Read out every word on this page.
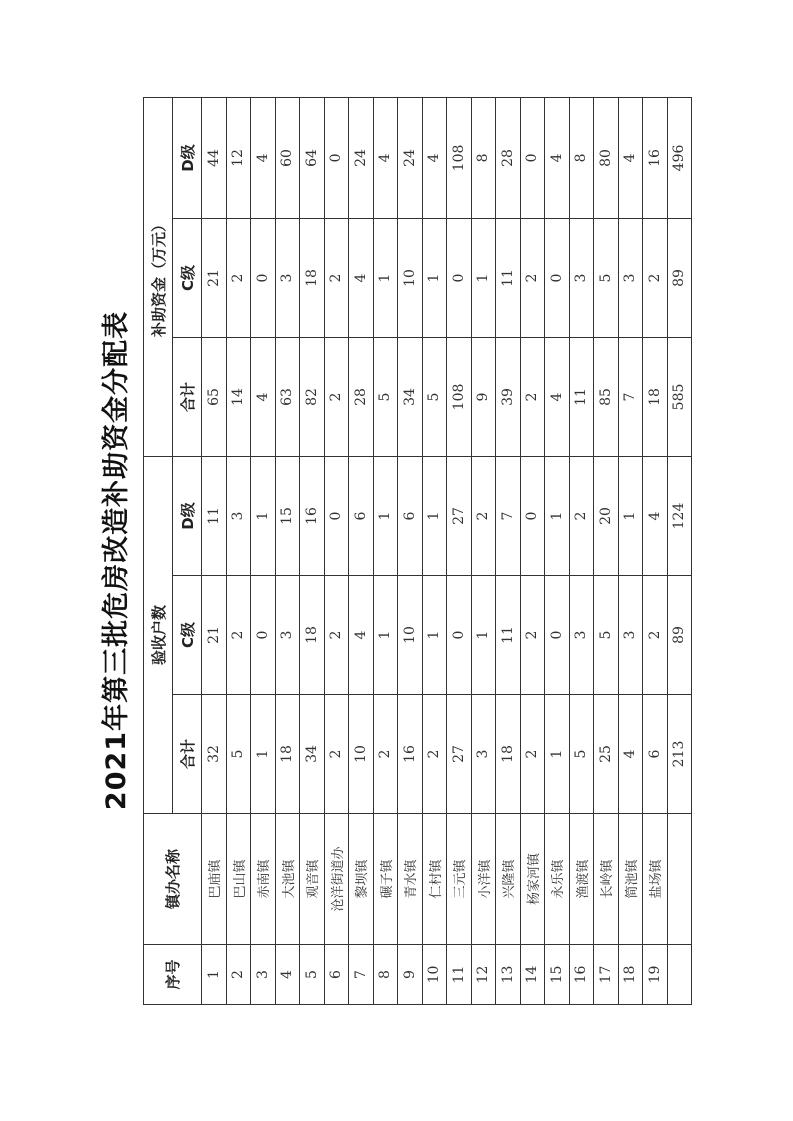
2021年第三批危房改造补助资金分配表
序号	镇办名称	验收户数			补助资金（万元）		
		合计	C级	D级	合计	C级	D级
1	巴庙镇	32	21	11	65	21	44
2	巴山镇	5	2	3	14	2	12
3	赤南镇	1	0	1	4	0	4
4	大池镇	18	3	15	63	3	60
5	观音镇	34	18	16	82	18	64
6	沧洋街道办	2	2	0	2	2	0
7	黎坝镇	10	4	6	28	4	24
8	碾子镇	2	1	1	5	1	4
9	青水镇	16	10	6	34	10	24
10	仁村镇	2	1	1	5	1	4
11	三元镇	27	0	27	108	0	108
12	小洋镇	3	1	2	9	1	8
13	兴隆镇	18	11	7	39	11	28
14	杨家河镇	2	2	0	2	2	0
15	永乐镇	1	0	1	4	0	4
16	渔渡镇	5	3	2	11	3	8
17	长岭镇	25	5	20	85	5	80
18	简池镇	4	3	1	7	3	4
19	盐场镇	6	2	4	18	2	16
		213	89	124	585	89	496
